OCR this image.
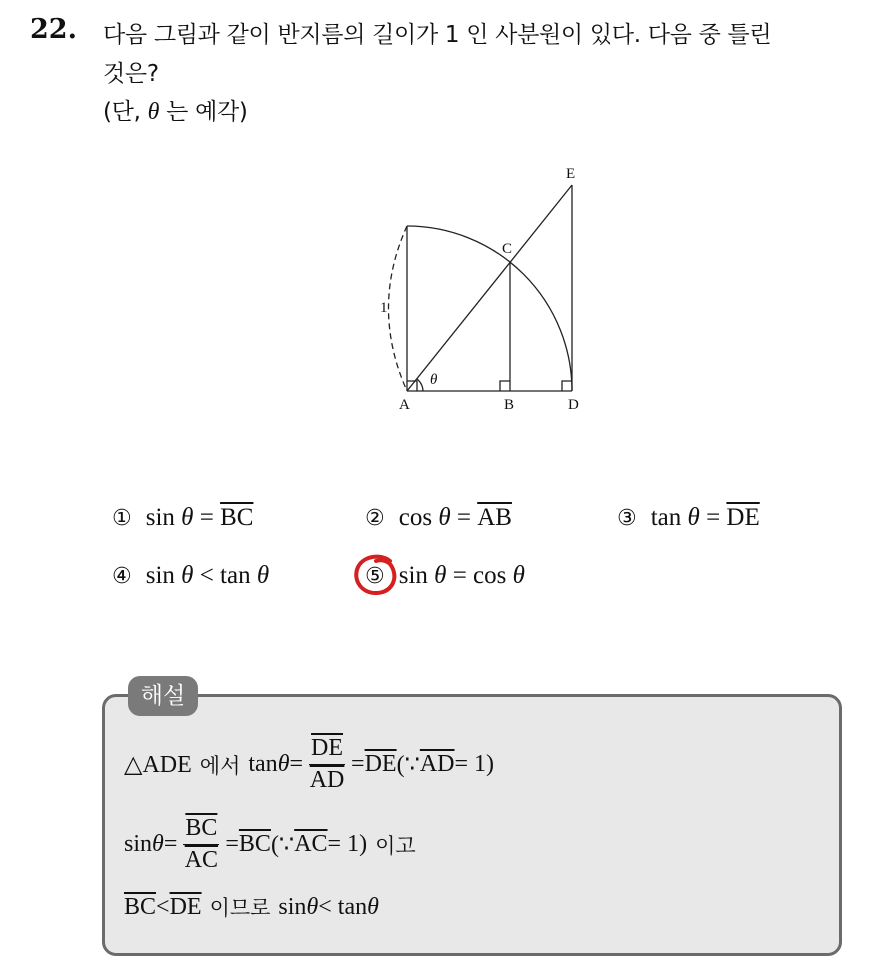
22. 다음 그림과 같이 반지름의 길이가 1 인 사분원이 있다. 다음 중 틀린
것은?
(단, θ 는 예각)
E
C
1
θ
A	B	D
① $\sin \theta = \overline{BC}$	② $\cos \theta = \overline{AB}$	③ $\tan \theta = \overline{DE}$
④ sin θ < tan θ	⑤ sin θ = cos θ
해설
△ADE 에서 $\tan \theta = \frac{\overline{DE}}{AD} = \overline{DE}$ (∵ $\overline{AD} = 1$)
$\sin \theta = \frac{\overline{BC}}{AC} = \overline{BC}$ (∵ $\overline{AC} = 1$) 이고
$\overline{BC} < \overline{DE}$ 이므로 sin θ < tan θ
